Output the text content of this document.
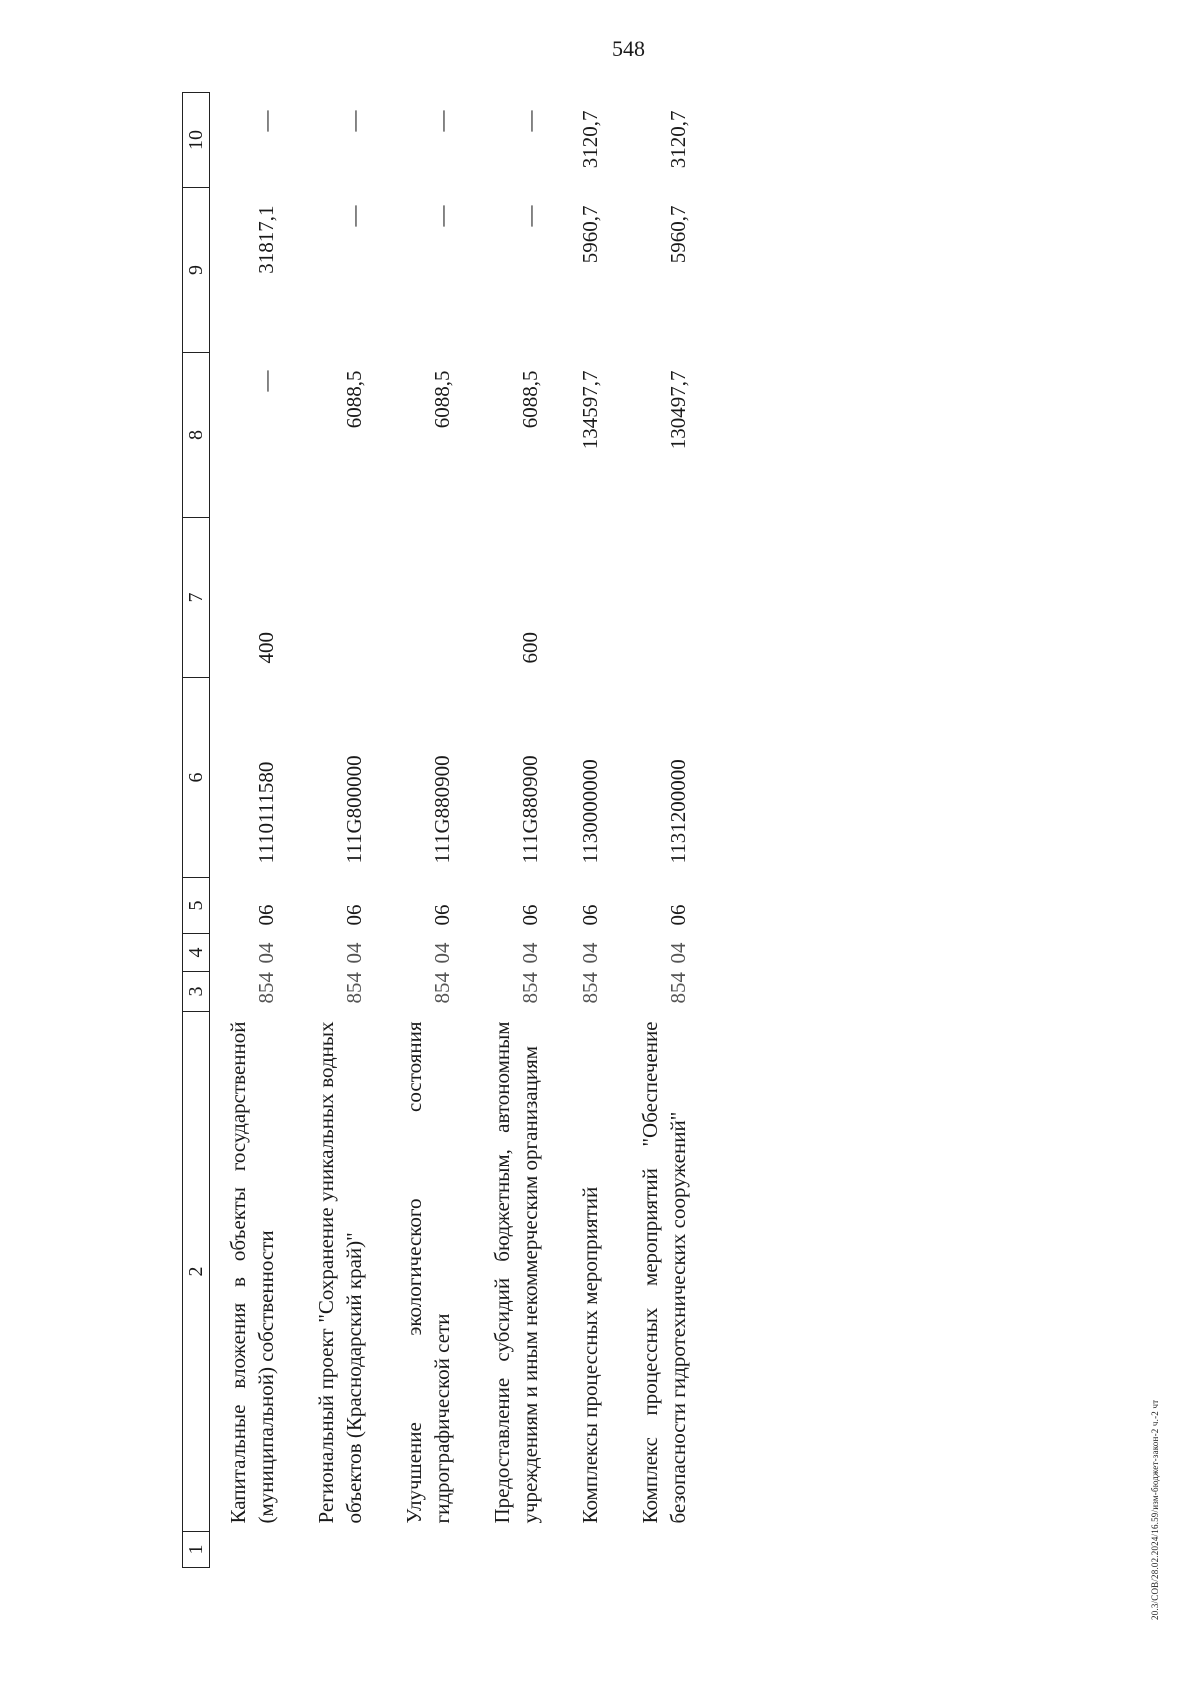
548
1	2	3	4	5	6	7	8	9	10
	Капитальные вложения в объекты государственной (муниципальной) собственности	854	04	06	1110111580	400	—	31817,1	—
	Региональный проект "Сохранение уникальных водных объектов (Краснодарский край)"	854	04	06	111G800000		6088,5	—	—
	Улучшение экологического состояния гидрографической сети	854	04	06	111G880900		6088,5	—	—
	Предоставление субсидий бюджетным, автономным учреждениям и иным некоммерческим организациям	854	04	06	111G880900	600	6088,5	—	—
	Комплексы процессных мероприятий	854	04	06	1130000000		134597,7	5960,7	3120,7
	Комплекс процессных мероприятий "Обеспечение безопасности гидротехнических сооружений"	854	04	06	1131200000		130497,7	5960,7	3120,7
20.3/СОВ/28.02.2024/16.59/изм-бюджет-закон-2 ч.-2 чт
